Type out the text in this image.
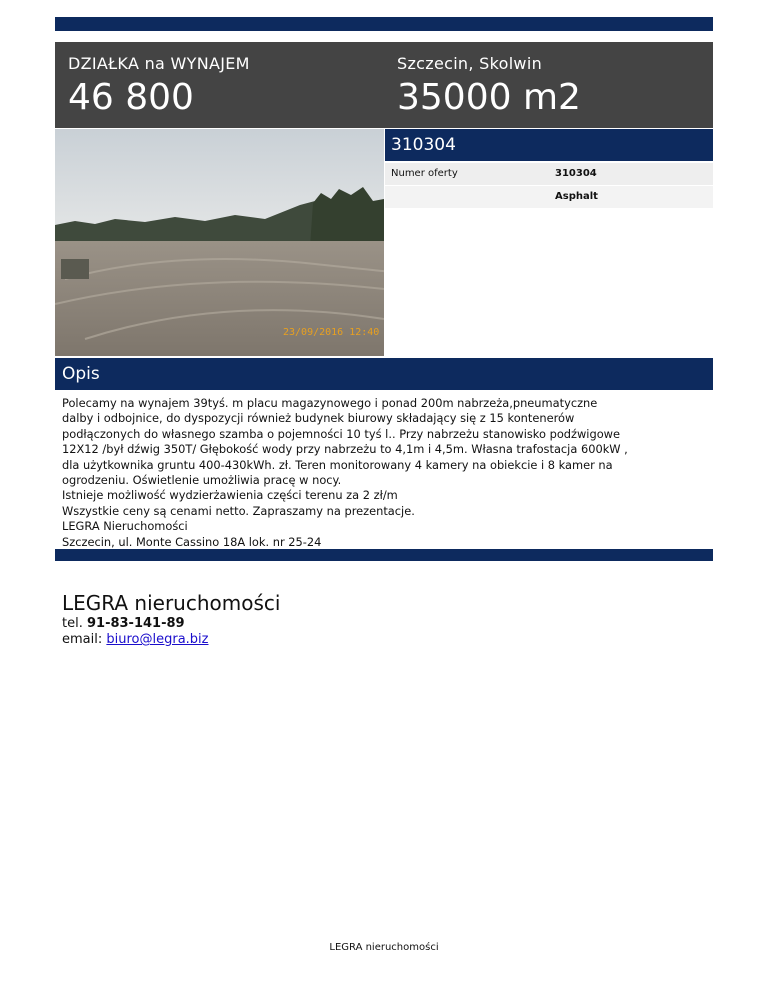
DZIAŁKA na WYNAJEM
46 800
Szczecin, Skolwin
35000 m2
23/09/2016 12:40
310304
Numer oferty	310304
Asphalt
Opis
Polecamy na wynajem 39tyś. m placu magazynowego i ponad 200m nabrzeża,pneumatyczne
dalby i odbojnice, do dyspozycji również budynek biurowy składający się z 15 kontenerów
podłączonych do własnego szamba o pojemności 10 tyś l.. Przy nabrzeżu stanowisko podźwigowe
12X12 /był dźwig 350T/ Głębokość wody przy nabrzeżu to 4,1m i 4,5m. Własna trafostacja 600kW ,
dla użytkownika gruntu 400-430kWh. zł. Teren monitorowany 4 kamery na obiekcie i 8 kamer na
ogrodzeniu. Oświetlenie umożliwia pracę w nocy.
Istnieje możliwość wydzierżawienia części terenu za 2 zł/m
Wszystkie ceny są cenami netto. Zapraszamy na prezentacje.
LEGRA Nieruchomości
Szczecin, ul. Monte Cassino 18A lok. nr 25-24
LEGRA nieruchomości
tel. 91-83-141-89
email: biuro@legra.biz
LEGRA nieruchomości
